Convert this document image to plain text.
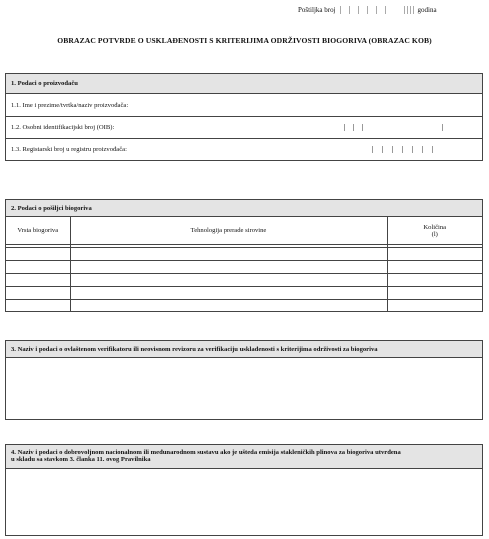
Poštiljka broj	godina
OBRAZAC POTVRDE O USKLAĐENOSTI S KRITERIJIMA ODRŽIVOSTI BIOGORIVA (OBRAZAC KOB)
1. Podaci o proizvođaču
1.1. Ime i prezime/tvrtka/naziv proizvođača:
1.2. Osobni identifikacijski broj (OIB):
1.3. Registarski broj u registru proizvođača:
2. Podaci o pošiljci biogoriva
Vrsta biogoriva	Tehnologija prerade sirovine	Količina
(l)

3. Naziv i podaci o ovlaštenom verifikatoru ili neovisnom revizoru za verifikaciju usklađenosti s kriterijima održivosti za biogoriva
4. Naziv i podaci o dobrovoljnom nacionalnom ili međunarodnom sustavu ako je ušteda emisija stakleničkih plinova za biogoriva utvrđena
u skladu sa stavkom 3. članka 11. ovog Pravilnika
